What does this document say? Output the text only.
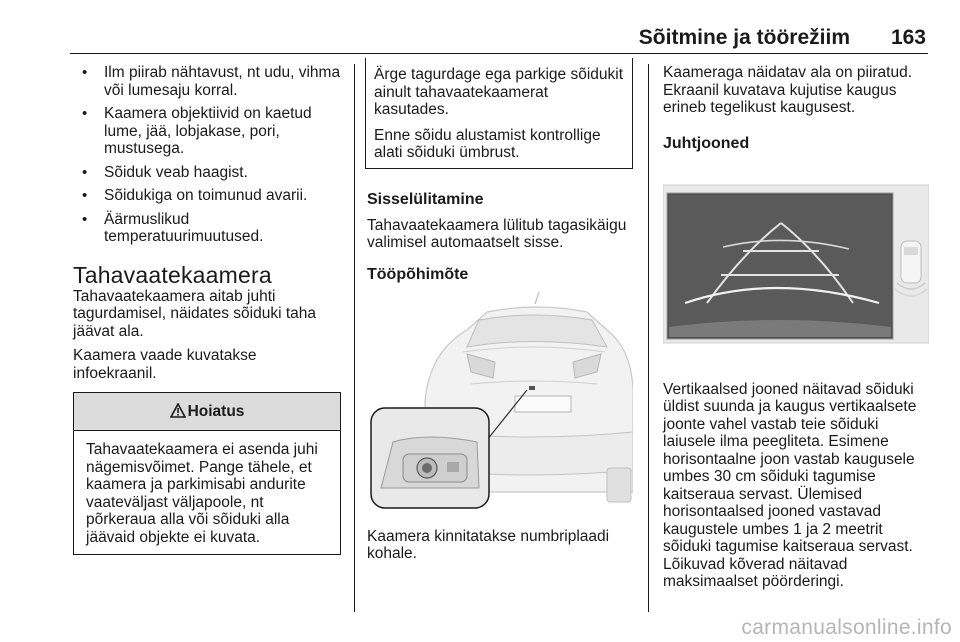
Sõitmine ja töörežiim 163
• Ilm piirab nähtavust, nt udu, vihma või lumesaju korral.
• Kaamera objektiivid on kaetud lume, jää, lobjakase, pori, mustusega.
• Sõiduk veab haagist.
• Sõidukiga on toimunud avarii.
• Äärmuslikud temperatuurimuutused.
Tahavaatekaamera

Tahavaatekaamera aitab juhti tagurdamisel, näidates sõiduki taha jäävat ala.

Kaamera vaade kuvatakse infoekraanil.

Hoiatus

Tahavaatekaamera ei asenda juhi nägemisvõimet. Pange tähele, et kaamera ja parkimisabi andurite vaateväljast väljapoole, nt põrkeraua alla või sõiduki alla jäävaid objekte ei kuvata.

Ärge tagurdage ega parkige sõidukit ainult tahavaatekaamerat kasutades.

Enne sõidu alustamist kontrollige alati sõiduki ümbrust.

Sisselülitamine

Tahavaatekaamera lülitub tagasikäigu valimisel automaatselt sisse.

Tööpõhimõte

Kaamera kinnitatakse numbriplaadi kohale.

Kaameraga näidatav ala on piiratud. Ekraanil kuvatava kujutise kaugus erineb tegelikust kaugusest.

Juhtjooned

Vertikaalsed jooned näitavad sõiduki üldist suunda ja kaugus vertikaalsete joonte vahel vastab teie sõiduki laiusele ilma peegliteta. Esimene horisontaalne joon vastab kaugusele umbes 30 cm sõiduki tagumise kaitseraua servast. Ülemised horisontaalsed jooned vastavad kaugustele umbes 1 ja 2 meetrit sõiduki tagumise kaitseraua servast. Lõikuvad kõverad näitavad maksimaalset pöörderingi.

carmanualsonline.info
